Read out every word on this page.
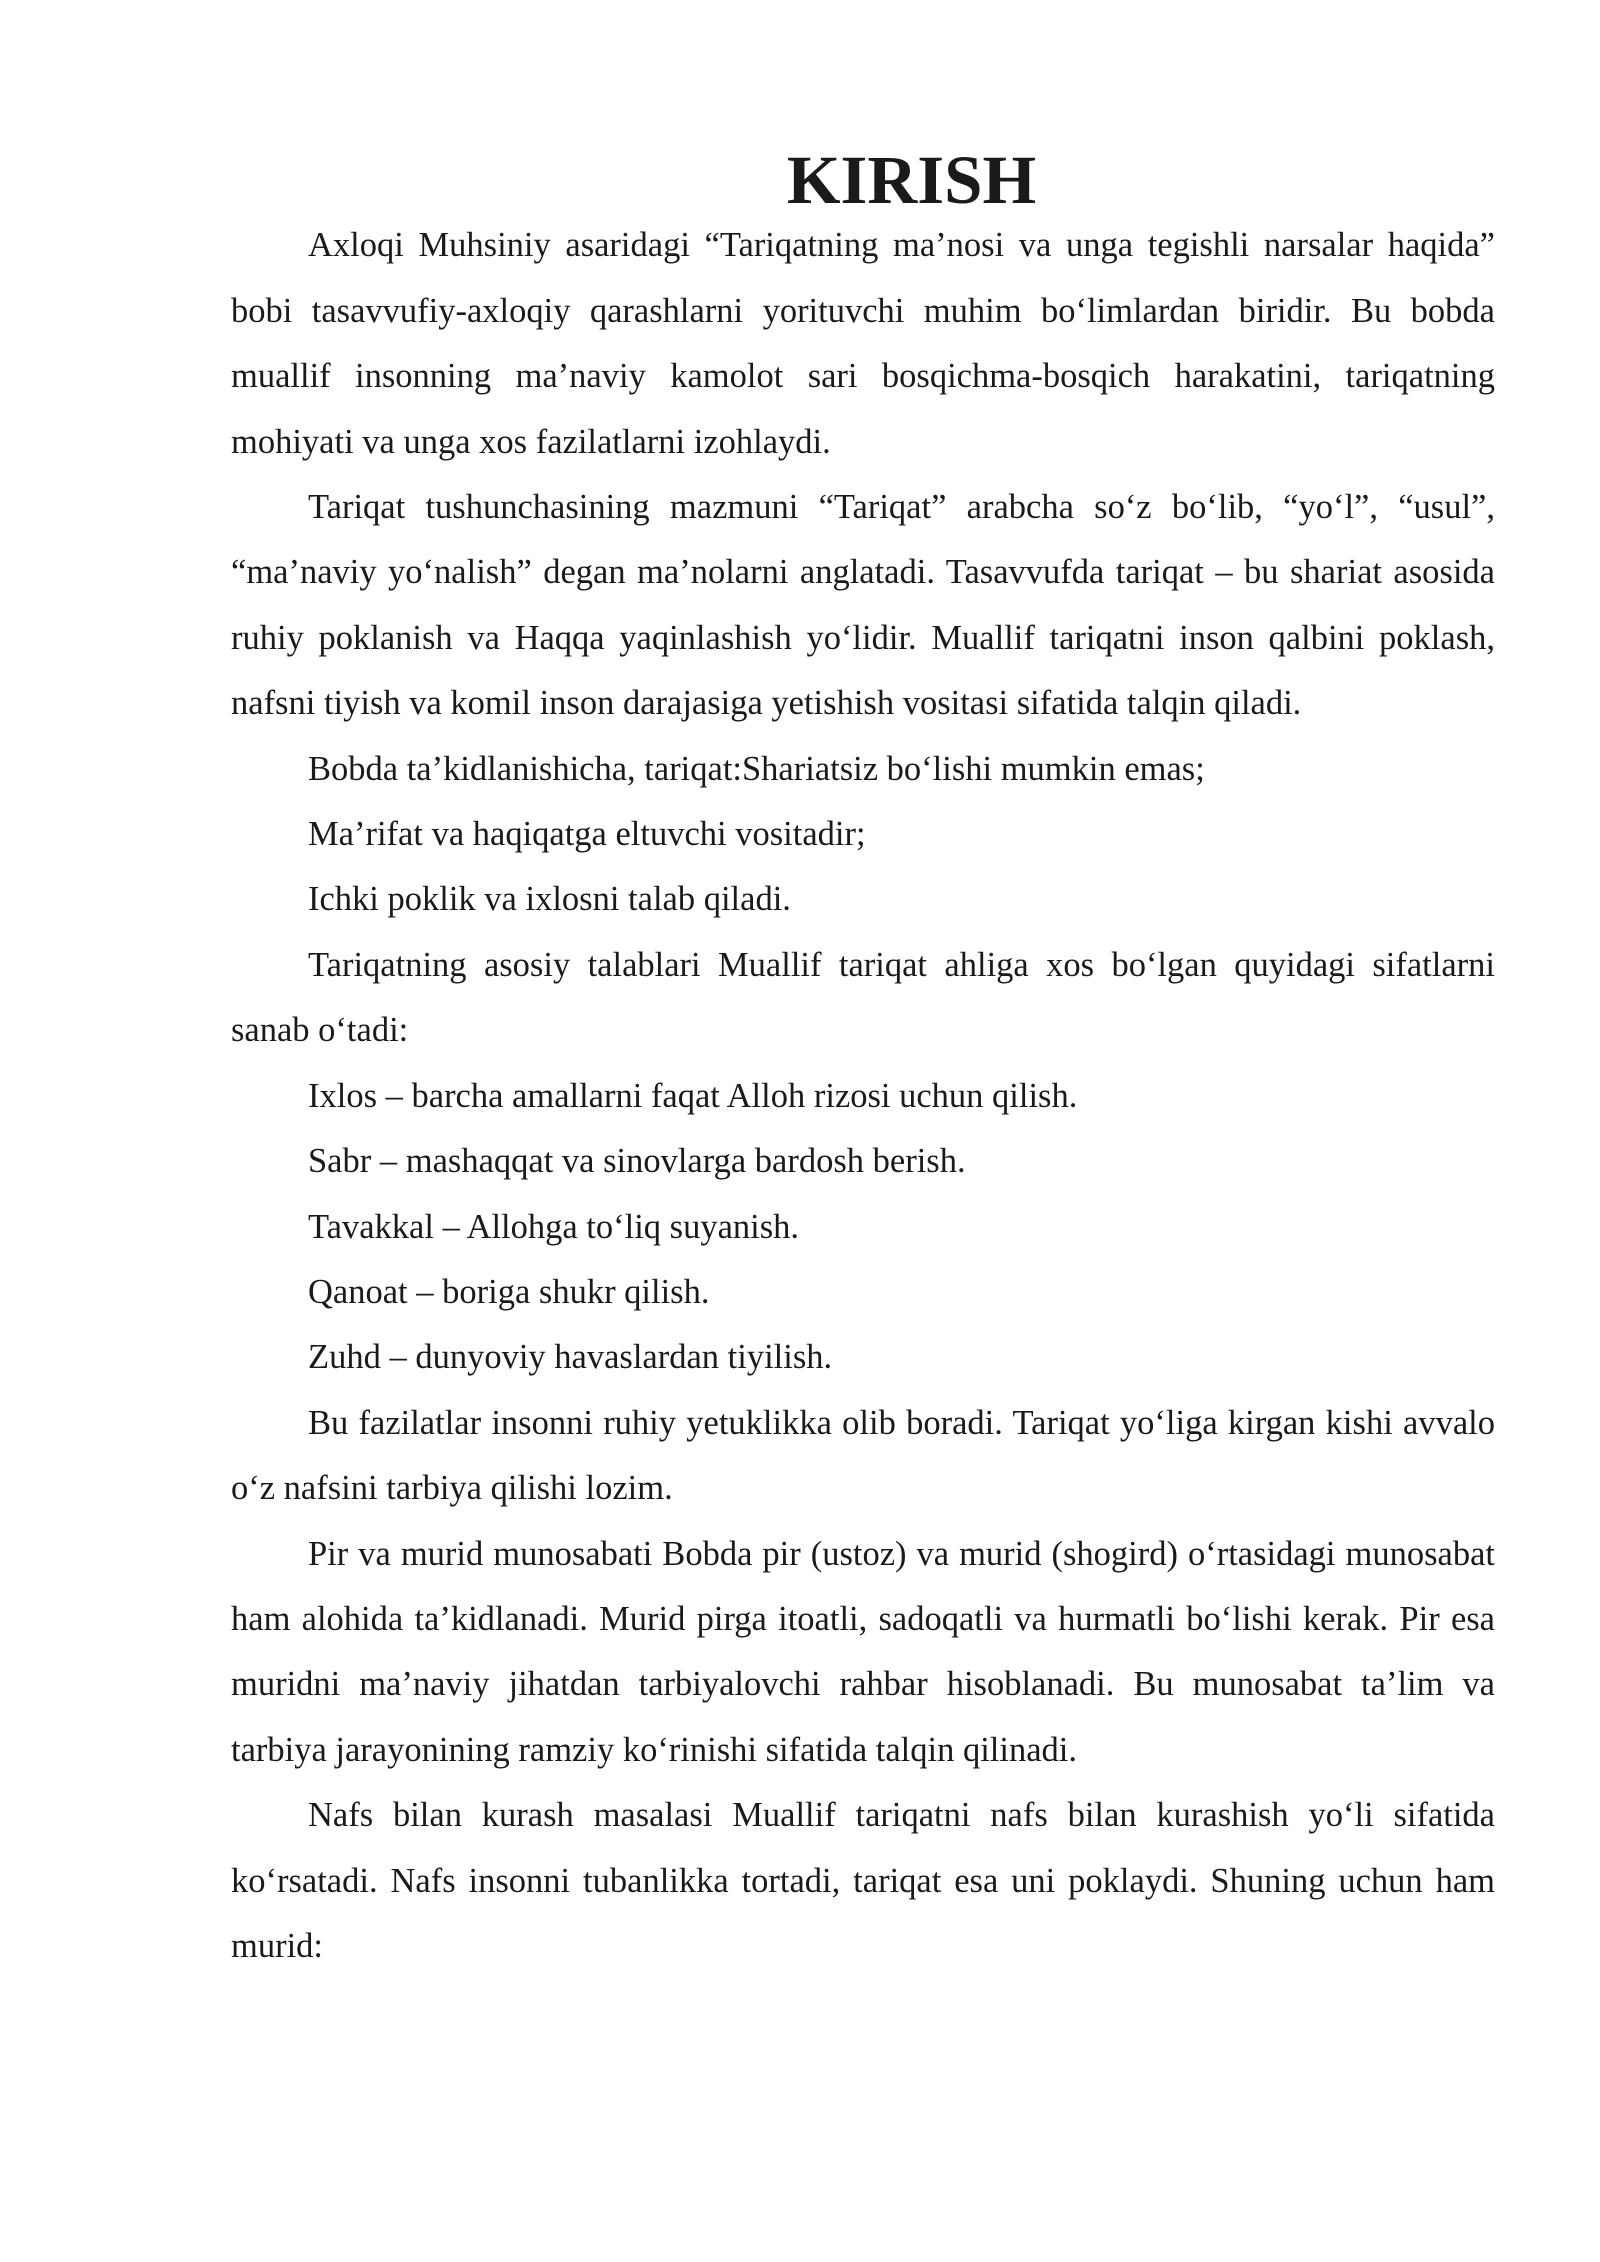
KIRISH

Axloqi Muhsiniy asaridagi “Tariqatning ma’nosi va unga tegishli narsalar haqida” bobi tasavvufiy-axloqiy qarashlarni yorituvchi muhim bo‘limlardan biridir. Bu bobda muallif insonning ma’naviy kamolot sari bosqichma-bosqich harakatini, tariqatning mohiyati va unga xos fazilatlarni izohlaydi.

Tariqat tushunchasining mazmuni “Tariqat” arabcha so‘z bo‘lib, “yo‘l”, “usul”, “ma’naviy yo‘nalish” degan ma’nolarni anglatadi. Tasavvufda tariqat – bu shariat asosida ruhiy poklanish va Haqqa yaqinlashish yo‘lidir. Muallif tariqatni inson qalbini poklash, nafsni tiyish va komil inson darajasiga yetishish vositasi sifatida talqin qiladi.

Bobda ta’kidlanishicha, tariqat:Shariatsiz bo‘lishi mumkin emas;

Ma’rifat va haqiqatga eltuvchi vositadir;

Ichki poklik va ixlosni talab qiladi.

Tariqatning asosiy talablari Muallif tariqat ahliga xos bo‘lgan quyidagi sifatlarni sanab o‘tadi:

Ixlos – barcha amallarni faqat Alloh rizosi uchun qilish.

Sabr – mashaqqat va sinovlarga bardosh berish.

Tavakkal – Allohga to‘liq suyanish.

Qanoat – boriga shukr qilish.

Zuhd – dunyoviy havaslardan tiyilish.

Bu fazilatlar insonni ruhiy yetuklikka olib boradi. Tariqat yo‘liga kirgan kishi avvalo o‘z nafsini tarbiya qilishi lozim.

Pir va murid munosabati Bobda pir (ustoz) va murid (shogird) o‘rtasidagi munosabat ham alohida ta’kidlanadi. Murid pirga itoatli, sadoqatli va hurmatli bo‘lishi kerak. Pir esa muridni ma’naviy jihatdan tarbiyalovchi rahbar hisoblanadi. Bu munosabat ta’lim va tarbiya jarayonining ramziy ko‘rinishi sifatida talqin qilinadi.

Nafs bilan kurash masalasi Muallif tariqatni nafs bilan kurashish yo‘li sifatida ko‘rsatadi. Nafs insonni tubanlikka tortadi, tariqat esa uni poklaydi. Shuning uchun ham murid:
